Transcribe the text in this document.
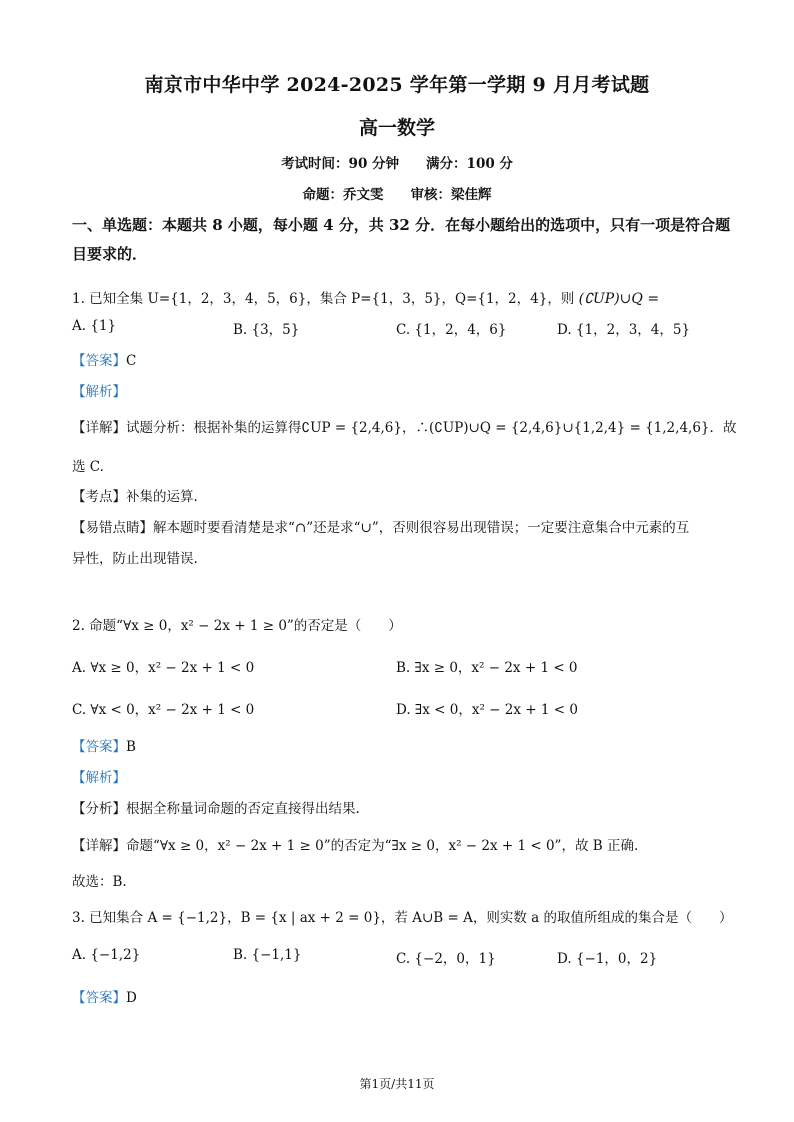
南京市中华中学 2024-2025 学年第一学期 9 月月考试题
高一数学
考试时间：90 分钟　　满分：100 分
命题：乔文雯　　审核：梁佳辉
一、单选题：本题共 8 小题，每小题 4 分，共 32 分．在每小题给出的选项中，只有一项是符合题目要求的．
1. 已知全集 U={1，2，3，4，5，6}，集合 P={1，3，5}，Q={1，2，4}，则 (∁UP)∪Q =
A. {1}	B. {3，5}	C. {1，2，4，6}	D. {1，2，3，4，5}
【答案】C
【解析】
【详解】试题分析：根据补集的运算得∁UP = {2,4,6}，∴(∁UP)∪Q = {2,4,6}∪{1,2,4} = {1,2,4,6}．故
选 C.
【考点】补集的运算.
【易错点睛】解本题时要看清楚是求“∩”还是求“∪”，否则很容易出现错误；一定要注意集合中元素的互
异性，防止出现错误.
2. 命题“∀x ≥ 0，x² − 2x + 1 ≥ 0”的否定是（　　）
A. ∀x ≥ 0，x² − 2x + 1 < 0	B. ∃x ≥ 0，x² − 2x + 1 < 0
C. ∀x < 0，x² − 2x + 1 < 0	D. ∃x < 0，x² − 2x + 1 < 0
【答案】B
【解析】
【分析】根据全称量词命题的否定直接得出结果.
【详解】命题“∀x ≥ 0，x² − 2x + 1 ≥ 0”的否定为“∃x ≥ 0，x² − 2x + 1 < 0”，故 B 正确.
故选：B.
3. 已知集合 A = {−1,2}，B = {x | ax + 2 = 0}，若 A∪B = A，则实数 a 的取值所组成的集合是（　　）
A. {−1,2}	B. {−1,1}	C. {−2，0，1}	D. {−1，0，2}
【答案】D
第1页/共11页
